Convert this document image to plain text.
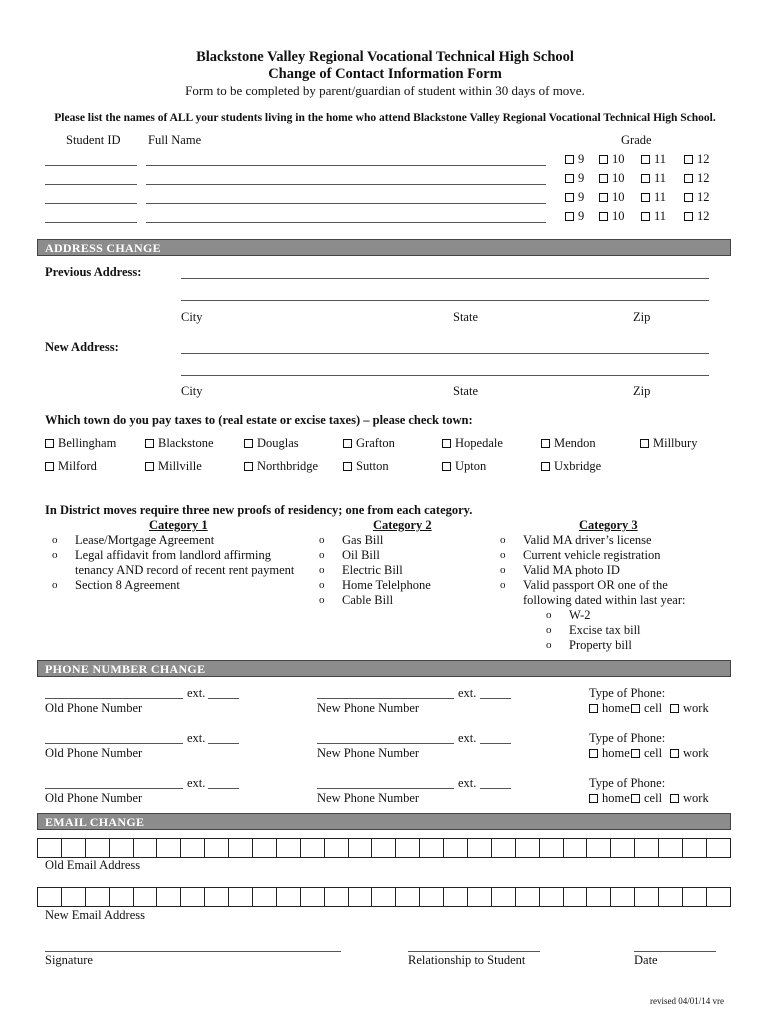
Blackstone Valley Regional Vocational Technical High School
Change of Contact Information Form
Form to be completed by parent/guardian of student within 30 days of move.
Please list the names of ALL your students living in the home who attend Blackstone Valley Regional Vocational Technical High School.
Student ID Full Name	Grade
9	10	11	12
9	10	11	12
9	10	11	12
9	10	11	12
ADDRESS CHANGE
Previous Address:
City	State	Zip
New Address:
City	State	Zip
Which town do you pay taxes to (real estate or excise taxes) – please check town:
Bellingham	Blackstone	Douglas	Grafton	Hopedale	Mendon	Millbury
Milford	Millville	Northbridge	Sutton	Upton	Uxbridge
In District moves require three new proofs of residency; one from each category.
Category 1	Category 2	Category 3
o Lease/Mortgage Agreement
o Legal affidavit from landlord affirming
tenancy AND record of recent rent payment
o Section 8 Agreement
o Gas Bill
o Oil Bill
o Electric Bill
o Home Telelphone
o Cable Bill
o Valid MA driver’s license
o Current vehicle registration
o Valid MA photo ID
o Valid passport OR one of the
following dated within last year:
o W-2
o Excise tax bill
o Property bill
PHONE NUMBER CHANGE
ext.
Old Phone Number
ext.
New Phone Number
Type of Phone:
home	cell	work
ext.
Old Phone Number
ext.
New Phone Number
Type of Phone:
home	cell	work
ext.
Old Phone Number
ext.
New Phone Number
Type of Phone:
home	cell	work
EMAIL CHANGE
Old Email Address
New Email Address
Signature	Relationship to Student	Date
revised 04/01/14 vre
